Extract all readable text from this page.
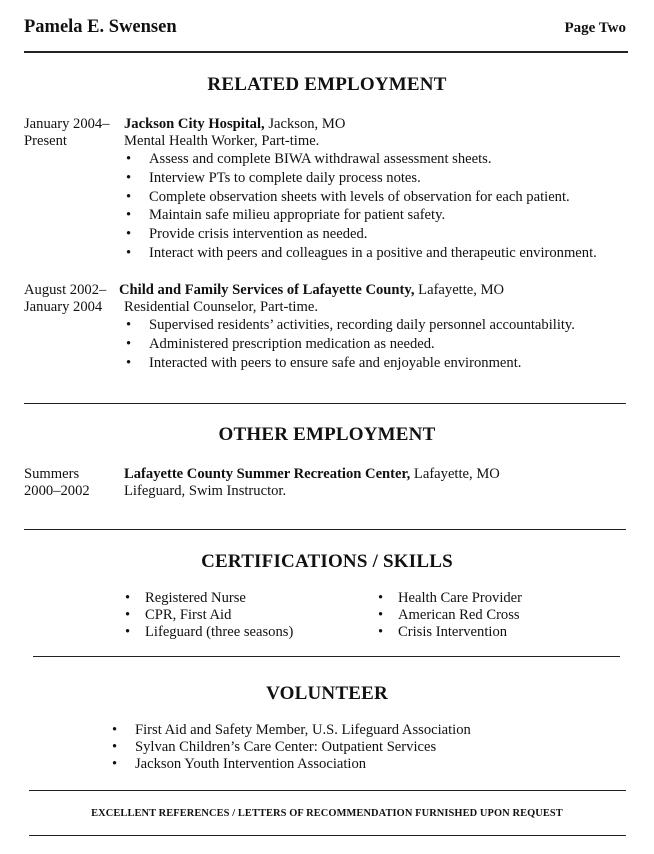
Pamela E. Swensen	Page Two
RELATED EMPLOYMENT
January 2004–
Present
Jackson City Hospital, Jackson, MO
Mental Health Worker, Part-time.
• Assess and complete BIWA withdrawal assessment sheets.
• Interview PTs to complete daily process notes.
• Complete observation sheets with levels of observation for each patient.
• Maintain safe milieu appropriate for patient safety.
• Provide crisis intervention as needed.
• Interact with peers and colleagues in a positive and therapeutic environment.
August 2002–
January 2004
Child and Family Services of Lafayette County, Lafayette, MO
Residential Counselor, Part-time.
• Supervised residents’ activities, recording daily personnel accountability.
• Administered prescription medication as needed.
• Interacted with peers to ensure safe and enjoyable environment.
OTHER EMPLOYMENT
Summers
2000–2002
Lafayette County Summer Recreation Center, Lafayette, MO
Lifeguard, Swim Instructor.
CERTIFICATIONS / SKILLS
• Registered Nurse
• CPR, First Aid
• Lifeguard (three seasons)
• Health Care Provider
• American Red Cross
• Crisis Intervention
VOLUNTEER
• First Aid and Safety Member, U.S. Lifeguard Association
• Sylvan Children’s Care Center: Outpatient Services
• Jackson Youth Intervention Association
EXCELLENT REFERENCES / LETTERS OF RECOMMENDATION FURNISHED UPON REQUEST
